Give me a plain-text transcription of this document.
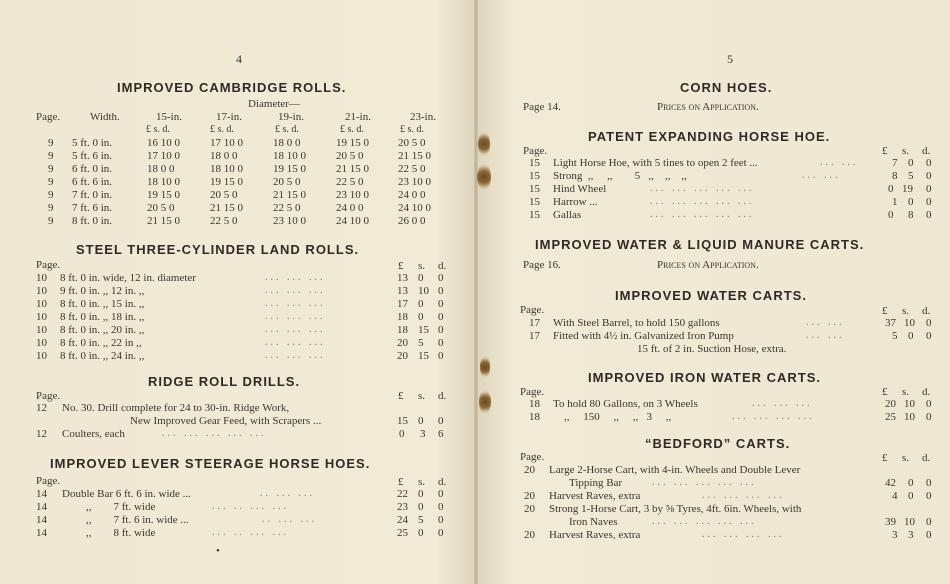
4
IMPROVED CAMBRIDGE ROLLS.
Diameter—
Page.	Width.	15-in.	17-in.	19-in.	21-in.	23-in.
£ s. d.	£ s. d.	£ s. d.	£ s. d.	£ s. d.
9 5 ft. 0 in.	16 10 0	17 10 0	18 0 0	19 15 0	20 5 0
9 5 ft. 6 in.	17 10 0	18 0 0	18 10 0	20 5 0	21 15 0
9 6 ft. 0 in.	18 0 0	18 10 0	19 15 0	21 15 0	22 5 0
9 6 ft. 6 in.	18 10 0	19 15 0	20 5 0	22 5 0	23 10 0
9 7 ft. 0 in.	19 15 0	20 5 0	21 15 0	23 10 0	24 0 0
9 7 ft. 6 in.	20 5 0	21 15 0	22 5 0	24 0 0	24 10 0
9 8 ft. 0 in.	21 15 0	22 5 0	23 10 0	24 10 0	26 0 0
STEEL THREE-CYLINDER LAND ROLLS.
Page.	£ s. d.
10 8 ft. 0 in. wide, 12 in. diameter	... ... ...	13 0 0
10 9 ft. 0 in. ,, 12 in. ,,	... ... ...	13 10 0
10 8 ft. 0 in. ,, 15 in. ,,	... ... ...	17 0 0
10 8 ft. 0 in. ,, 18 in. ,,	... ... ...	18 0 0
10 8 ft. 0 in. ,, 20 in. ,,	... ... ...	18 15 0
10 8 ft. 0 in. ,, 22 in ,,	... ... ...	20 5 0
10 8 ft. 0 in. ,, 24 in. ,,	... ... ...	20 15 0
RIDGE ROLL DRILLS.
Page.	£ s. d.
12 No. 30. Drill complete for 24 to 30-in. Ridge Work,
New Improved Gear Feed, with Scrapers ...	15 0 0
12 Coulters, each	... ... ... ... ...	0 3 6
IMPROVED LEVER STEERAGE HORSE HOES.
Page.	£ s. d.
14 Double Bar 6 ft. 6 in. wide ...	.. ... ...	22 0 0
14	,,        7 ft. wide	... .. ... ...	23 0 0
14	,,        7 ft. 6 in. wide ...	.. ... ...	24 5 0
14	,,        8 ft. wide	... .. ... ...	25 0 0
•
5
CORN HOES.
Page 14.	Prices on Application.
PATENT EXPANDING HORSE HOE.
Page.	£ s. d.
15 Light Horse Hoe, with 5 tines to open 2 feet ...	... ...	7 0 0
15 Strong  ,,     ,,        5   ,,    ,,    ,,	... ...	8 5 0
15 Hind Wheel	... ... ... ... ...	0 19 0
15 Harrow ...	... ... ... ... ...	1 0 0
15 Gallas	... ... ... ... ...	0 8 0
IMPROVED WATER & LIQUID MANURE CARTS.
Page 16.	Prices on Application.
IMPROVED WATER CARTS.
Page.	£ s. d.
17 With Steel Barrel, to hold 150 gallons	... ...	37 10 0
17 Fitted with 4½ in. Galvanized Iron Pump	... ...	5 0 0
15 ft. of 2 in. Suction Hose, extra.
IMPROVED IRON WATER CARTS.
Page.	£ s. d.
18 To hold 80 Gallons, on 3 Wheels	... ... ...	20 10 0
18 ,,     150     ,,     ,,   3     ,,	... ... ... ...	25 10 0
“BEDFORD” CARTS.
Page.	£ s. d.
20 Large 2-Horse Cart, with 4-in. Wheels and Double Lever
Tipping Bar	... ... ... ... ...	42 0 0
20 Harvest Raves, extra	... ... ... ...	4 0 0
20 Strong 1-Horse Cart, 3 by ⅝ Tyres, 4ft. 6in. Wheels, with
Iron Naves	... ... ... ... ...	39 10 0
20 Harvest Raves, extra	... ... ... ...	3 3 0
